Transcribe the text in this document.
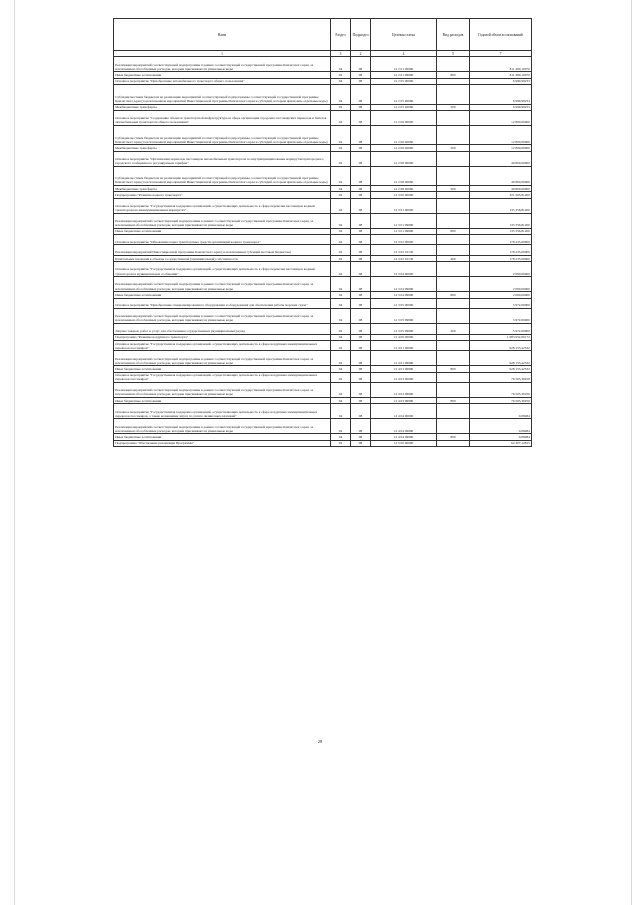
Наим	Раздел	Подраздел	Целевая статья	Вид расходов	Годовой объем ассигнований
1	3	2	4	5	7
Реализация мероприятий соответствующей подпрограммы в рамках соответствующей государственной программы Камчатского края, за исключением обособленных расходов, которым присваиваются уникальные коды	04	08	12 2 01 09990		811 499,10070
Иные бюджетные ассигнования	04	08	12 2 01 09990	800	811 499,10070
Основное мероприятие "Приобретение автомобильного транспорта общего пользования"	04	08	12 2 05 00000		6 999,99233
Субсидии местным бюджетам на реализацию мероприятий соответствующей подпрограммы соответствующей государственной программы Камчатского края (за исключением мероприятий Инвестиционной программы Камчатского края и субсидий, которым присвоены отдельные коды)	04	08	12 2 05 40060		6 999,99233
Межбюджетные трансферты	04	08	12 2 05 40060	500	6 999,99233
Основное мероприятие "Содержание объектов транспортной инфраструктуры в сфере организации городских пассажирских перевозок и билетов автомобильным транспортом общего пользования"	04	08	12 2 06 00000		12 800,00000
Субсидии местным бюджетам на реализацию мероприятий соответствующей подпрограммы соответствующей государственной программы Камчатского края (за исключением мероприятий Инвестиционной программы Камчатского края и субсидий, которым присвоены отдельные коды)	04	08	12 2 06 40060		12 800,00000
Межбюджетные трансферты	04	08	12 2 06 40060	500	12 800,00000
Основное мероприятие "Организация перевозок пассажиров автомобильным транспортом по внутримуниципальным маршрутам пригородного, городского сообщения по регулируемым тарифам"	04	08	12 2 08 00000		49 800,00000
Субсидии местным бюджетам на реализацию мероприятий соответствующей подпрограммы соответствующей государственной программы Камчатского края (за исключением мероприятий Инвестиционной программы Камчатского края и субсидий, которым присвоены отдельные коды)	04	08	12 2 08 40060		49 800,00000
Межбюджетные трансферты	04	08	12 2 08 40060	500	49 800,00000
Подпрограмма "Развитие водного транспорта"	04	08	12 3 00 00000		321 503,81200
Основное мероприятие "Государственная поддержка организаций, осуществляющих деятельность в сфере перевозки пассажиров водным транспортом на межмуниципальных маршрутах"	04	08	12 3 01 00000		135 356,81200
Реализация мероприятий соответствующей подпрограммы в рамках соответствующей государственной программы Камчатского края, за исключением обособленных расходов, которым присваиваются уникальные коды	04	08	12 3 01 09990		135 356,81200
Иные бюджетные ассигнования	04	08	12 3 01 09990	800	135 356,81200
Основное мероприятие "Обновление парка транспортных средств организаций водного транспорта"	04	08	12 3 02 00000		178 235,00000
Реализация мероприятий Инвестиционной программы Камчатского края (за исключением субсидий местным бюджетам)	04	08	12 3 02 10130		178 235,00000
Капитальные вложения в объекты государственной (муниципальной) собственности	04	08	12 3 02 10130	400	178 235,00000
Основное мероприятие "Государственная поддержка организаций, осуществляющих деятельность в сфере перевозки пассажиров водным транспортом в муниципальном сообщении"	04	08	12 3 04 00000		2 060,00000
Реализация мероприятий соответствующей подпрограммы в рамках соответствующей государственной программы Камчатского края, за исключением обособленных расходов, которым присваиваются уникальные коды	04	08	12 3 04 09990		2 060,00000
Иные бюджетные ассигнования	04	08	12 3 04 09990	800	2 060,00000
Основное мероприятие "Приобретение специализированного оборудования и оборудования для обеспечения работы морских судов"	04	08	12 3 05 00000		5 972,00000
Реализация мероприятий соответствующей подпрограммы в рамках соответствующей государственной программы Камчатского края, за исключением обособленных расходов, которым присваиваются уникальные коды	04	08	12 3 05 09990		5 972,00000
Закупка товаров, работ и услуг для обеспечения государственных (муниципальных) нужд	04	08	12 3 05 09990	200	5 972,00000
Подпрограмма "Развитие воздушного транспорта"	04	08	12 4 00 00000		1 083 652,00172
Основное мероприятие "Государственная поддержка организаций, осуществляющих деятельность в сфере воздушных межмуниципальных перевозок пассажиров"	04	08	12 4 01 00000		928 153,42532
Реализация мероприятий соответствующей подпрограммы в рамках соответствующей государственной программы Камчатского края, за исключением обособленных расходов, которым присваиваются уникальные коды	04	08	12 4 01 09990		928 153,42532
Иные бюджетные ассигнования	04	08	12 4 01 09990	800	928 153,42532
Основное мероприятие "Государственная поддержка организаций, осуществляющих деятельность в сфере воздушных межмуниципальных перевозок пассажиров"	04	08	12 4 03 00000		76 503,30256
Реализация мероприятий соответствующей подпрограммы в рамках соответствующей государственной программы Камчатского края, за исключением обособленных расходов, которым присваиваются уникальные коды	04	08	12 4 03 09990		76 503,30256
Иные бюджетные ассигнования	04	08	12 4 03 09990	800	76 503,30256
Основное мероприятие "Государственная поддержка организаций, осуществляющих деятельность в сфере воздушных межмуниципальных перевозок пассажиров, а также возмещение затрат по уплате лизинговых платежей"	04	08	12 4 04 00000		0,08484
Реализация мероприятий соответствующей подпрограммы в рамках соответствующей государственной программы Камчатского края, за исключением обособленных расходов, которым присваиваются уникальные коды	04	08	12 4 04 09990		0,08484
Иные бюджетные ассигнования	04	08	12 4 04 09990	800	0,08484
Подпрограмма "Обеспечение реализации Программы"	04	08	12 5 00 00000		62 307,12815
28
